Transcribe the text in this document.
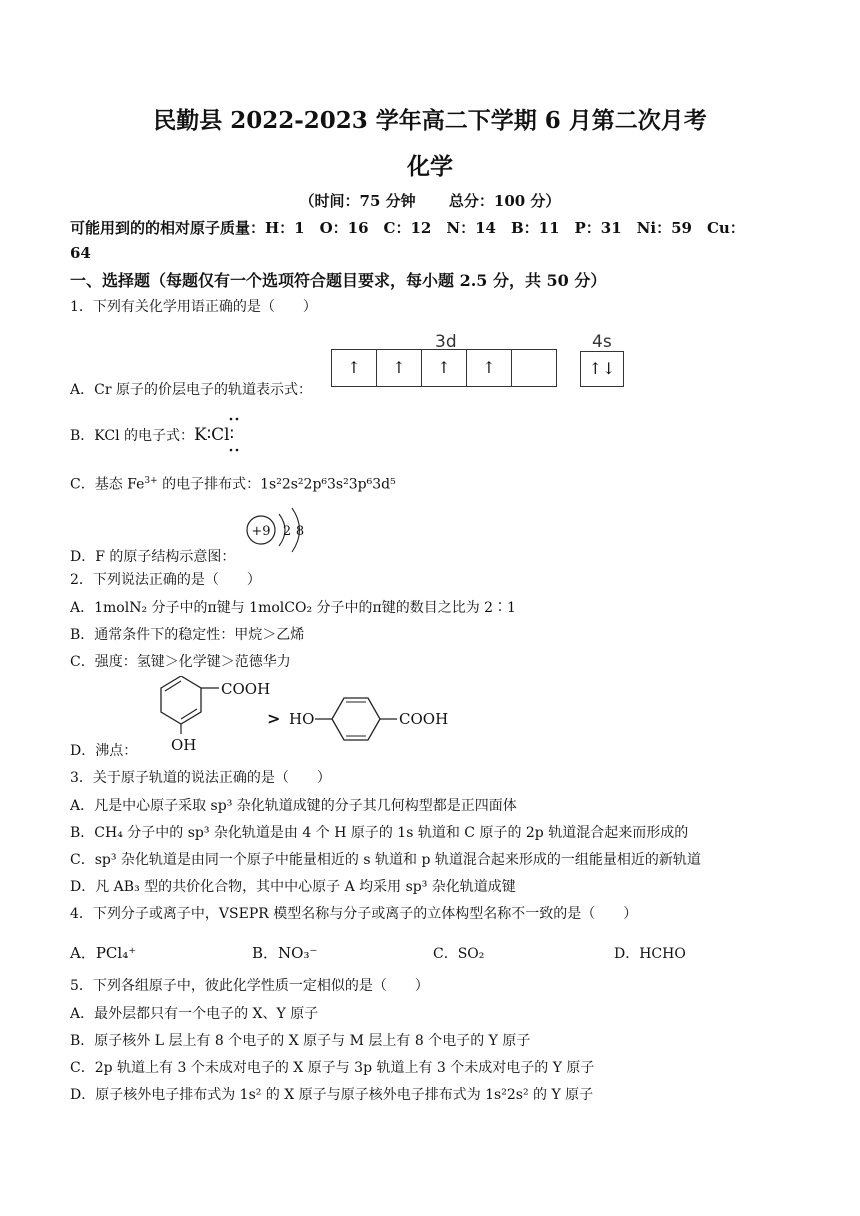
民勤县 2022-2023 学年高二下学期 6 月第二次月考
化学
（时间：75 分钟 总分：100 分）
可能用到的的相对原子质量：H：1　O：16　C：12　N：14　B：11　P：31　Ni：59　Cu：
64
一、选择题（每题仅有一个选项符合题目要求，每小题 2.5 分，共 50 分）
1．下列有关化学用语正确的是（　　）
3d	4s
↑	↑	↑	↑	↑↓
A．Cr 原子的价层电子的轨道表示式：
B．KCl 的电子式：K∶Cl∶
C．基态 $Fe^{3+}$ 的电子排布式：1s²2s²2p⁶3s²3p⁶3d⁵
+9 2 8
D．F 的原子结构示意图：
2．下列说法正确的是（　　）
A．1molN₂ 分子中的π键与 1molCO₂ 分子中的π键的数目之比为 2∶1
B．通常条件下的稳定性：甲烷＞乙烯
C．强度：氢键＞化学键＞范德华力
COOH
OH
> HO	COOH
D．沸点：
3．关于原子轨道的说法正确的是（　　）
A．凡是中心原子采取 sp³ 杂化轨道成键的分子其几何构型都是正四面体
B．CH₄ 分子中的 sp³ 杂化轨道是由 4 个 H 原子的 1s 轨道和 C 原子的 2p 轨道混合起来而形成的
C．sp³ 杂化轨道是由同一个原子中能量相近的 s 轨道和 p 轨道混合起来形成的一组能量相近的新轨道
D．凡 AB₃ 型的共价化合物，其中中心原子 A 均采用 sp³ 杂化轨道成键
4．下列分子或离子中，VSEPR 模型名称与分子或离子的立体构型名称不一致的是（　　）
A．PCl₄⁺	B．NO₃⁻	C．SO₂	D．HCHO
5．下列各组原子中，彼此化学性质一定相似的是（　　）
A．最外层都只有一个电子的 X、Y 原子
B．原子核外 L 层上有 8 个电子的 X 原子与 M 层上有 8 个电子的 Y 原子
C．2p 轨道上有 3 个未成对电子的 X 原子与 3p 轨道上有 3 个未成对电子的 Y 原子
D．原子核外电子排布式为 1s² 的 X 原子与原子核外电子排布式为 1s²2s² 的 Y 原子
